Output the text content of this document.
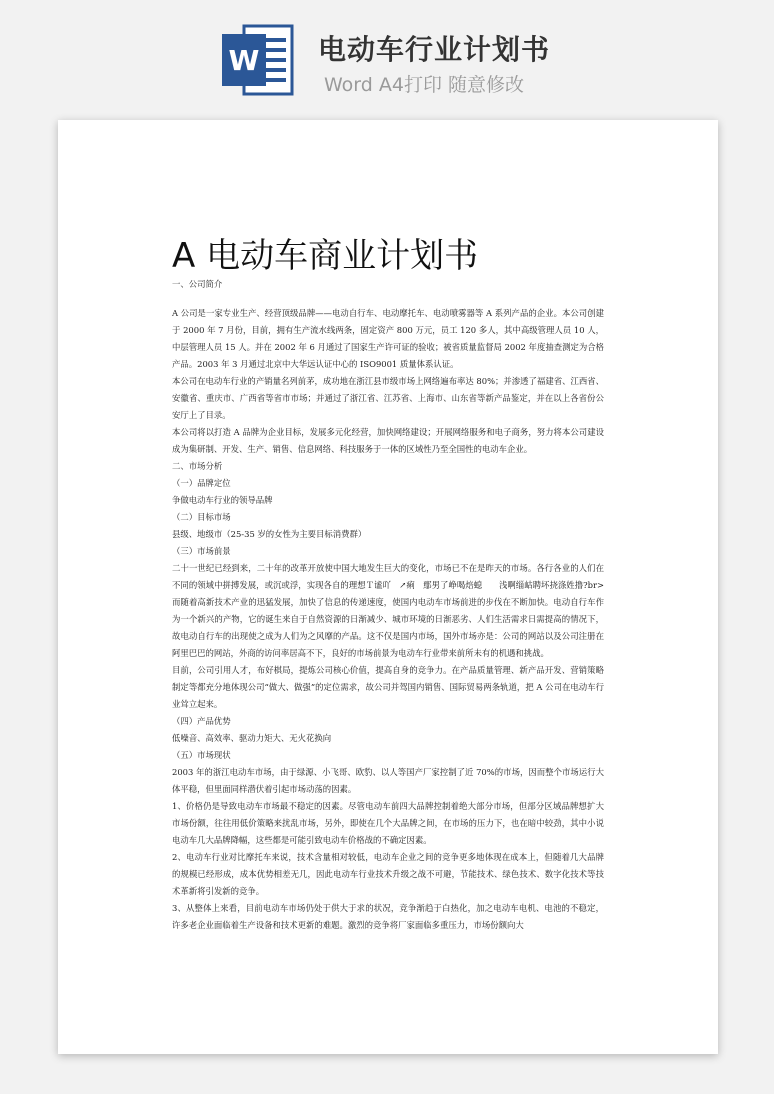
W 电动车行业计划书
Word A4打印 随意修改
A 电动车商业计划书

一、公司简介

A 公司是一家专业生产、经营顶级品牌——电动自行车、电动摩托车、电动喷雾器等 A 系列产品的企业。本公司创建于 2000 年 7 月份，目前，拥有生产流水线两条，固定资产 800 万元，员工 120 多人，其中高级管理人员 10 人，中层管理人员 15 人。并在 2002 年 6 月通过了国家生产许可证的验收；被省质量监督局 2002 年度抽查测定为合格产品。2003 年 3 月通过北京中大华远认证中心的 ISO9001 质量体系认证。

本公司在电动车行业的产销量名列前茅，成功地在浙江县市级市场上网络遍布率达 80%；并渗透了福建省、江西省、安徽省、重庆市、广西省等省市市场；并通过了浙江省、江苏省、上海市、山东省等新产品鉴定，并在以上各省份公安厅上了目录。

本公司将以打造 A 品牌为企业目标，发展多元化经营，加快网络建设；开展网络服务和电子商务，努力将本公司建设成为集研制、开发、生产、销售、信息网络、科技服务于一体的区域性乃至全国性的电动车企业。

二、市场分析

（一）品牌定位

争做电动车行业的领导品牌

（二）目标市场

县级、地级市（25-35 岁的女性为主要目标消费群）

（三）市场前景

二十一世纪已经到来，二十年的改革开放使中国大地发生巨大的变化，市场已不在是昨天的市场。各行各业的人们在不同的领域中拼搏发展，或沉或浮，实现各自的理想Ｔ谧吖　↗痢　鄢男了峥喝焙螅　　浅啊缁岵聘坏挠涤姓撸?br>而随着高新技术产业的迅猛发展，加快了信息的传递速度，使国内电动车市场前进的步伐在不断加快。电动自行车作为一个新兴的产物，它的诞生来自于自然资源的日渐减少、城市环境的日渐恶劣、人们生活需求日需提高的情况下，故电动自行车的出现使之成为人们为之风靡的产品。这不仅是国内市场，国外市场亦是：公司的网站以及公司注册在阿里巴巴的网站，外商的访问率居高不下，良好的市场前景为电动车行业带来前所未有的机遇和挑战。

目前，公司引用人才，布好棋局，提炼公司核心价值，提高自身的竞争力。在产品质量管理、新产品开发、营销策略制定等都充分地体现公司“做大、做强”的定位需求，故公司并驾国内销售、国际贸易两条轨道，把 A 公司在电动车行业耸立起来。

（四）产品优势

低噪音、高效率、驱动力矩大、无火花换向

（五）市场现状

2003 年的浙江电动车市场，由于绿源、小飞哥、欧豹、以人等国产厂家控制了近 70%的市场，因而整个市场运行大体平稳，但里面同样潜伏着引起市场动荡的因素。

1、价格仍是导致电动车市场最不稳定的因素。尽管电动车前四大品牌控制着绝大部分市场，但部分区域品牌想扩大市场份额，往往用低价策略来扰乱市场，另外，即使在几个大品牌之间，在市场的压力下，也在暗中较劲，其中小说电动车几大品牌降幅，这些都是可能引致电动车价格战的不确定因素。

2、电动车行业对比摩托车来说，技术含量相对较低，电动车企业之间的竞争更多地体现在成本上，但随着几大品牌的规模已经形成，成本优势相差无几，因此电动车行业技术升级之战不可避，节能技术、绿色技术、数字化技术等技术革新将引发新的竞争。

3、从整体上来看，目前电动车市场仍处于供大于求的状况，竞争渐趋于白热化，加之电动车电机、电池的不稳定，许多老企业面临着生产设备和技术更新的难题。激烈的竞争将厂家面临多重压力，市场份额向大
